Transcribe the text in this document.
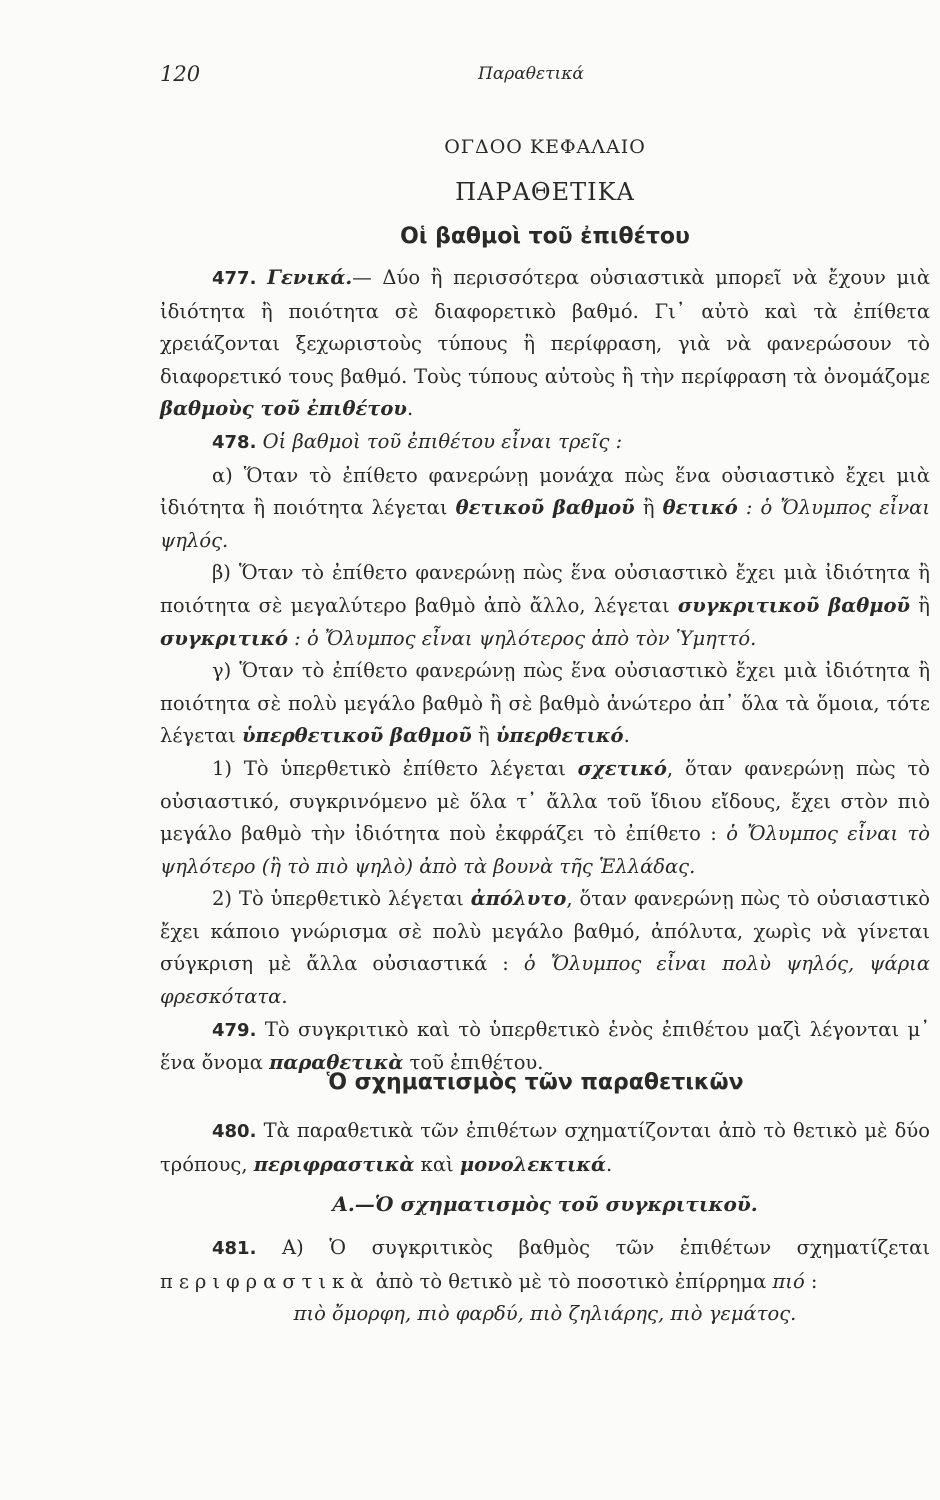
120	Παραθετικά
ΟΓΔΟΟ ΚΕΦΑΛΑΙΟ
ΠΑΡΑΘΕΤΙΚΑ
Οἱ βαθμοὶ τοῦ ἐπιθέτου

477. Γενικά.— Δύο ἢ περισσότερα οὐσιαστικὰ μπορεῖ νὰ ἔχουν μιὰ ἰδιότητα ἢ ποιότητα σὲ διαφορετικὸ βαθμό. Γι᾽ αὐτὸ καὶ τὰ ἐπίθετα χρειάζονται ξεχωριστοὺς τύπους ἢ περίφραση, γιὰ νὰ φανερώσουν τὸ διαφορετικό τους βαθμό. Τοὺς τύπους αὐτοὺς ἢ τὴν περίφραση τὰ ὀνομάζομε βαθμοὺς τοῦ ἐπιθέτου.

478. Οἱ βαθμοὶ τοῦ ἐπιθέτου εἶναι τρεῖς :

α) Ὅταν τὸ ἐπίθετο φανερώνῃ μονάχα πὼς ἕνα οὐσιαστικὸ ἔχει μιὰ ἰδιότητα ἢ ποιότητα λέγεται θετικοῦ βαθμοῦ ἢ θετικό : ὁ Ὄλυμπος εἶναι ψηλός.

β) Ὅταν τὸ ἐπίθετο φανερώνῃ πὼς ἕνα οὐσιαστικὸ ἔχει μιὰ ἰδιότητα ἢ ποιότητα σὲ μεγαλύτερο βαθμὸ ἀπὸ ἄλλο, λέγεται συγκριτικοῦ βαθμοῦ ἢ συγκριτικό : ὁ Ὄλυμπος εἶναι ψηλότερος ἀπὸ τὸν Ὑμηττό.

γ) Ὅταν τὸ ἐπίθετο φανερώνῃ πὼς ἕνα οὐσιαστικὸ ἔχει μιὰ ἰδιότητα ἢ ποιότητα σὲ πολὺ μεγάλο βαθμὸ ἢ σὲ βαθμὸ ἀνώτερο ἀπ᾽ ὅλα τὰ ὅμοια, τότε λέγεται ὑπερθετικοῦ βαθμοῦ ἢ ὑπερθετικό.

1) Τὸ ὑπερθετικὸ ἐπίθετο λέγεται σχετικό, ὅταν φανερώνῃ πὼς τὸ οὐσιαστικό, συγκρινόμενο μὲ ὅλα τ᾽ ἄλλα τοῦ ἴδιου εἴδους, ἔχει στὸν πιὸ μεγάλο βαθμὸ τὴν ἰδιότητα ποὺ ἐκφράζει τὸ ἐπίθετο : ὁ Ὄλυμπος εἶναι τὸ ψηλότερο (ἢ τὸ πιὸ ψηλὸ) ἀπὸ τὰ βουνὰ τῆς Ἑλλάδας.

2) Τὸ ὑπερθετικὸ λέγεται ἀπόλυτο, ὅταν φανερώνῃ πὼς τὸ οὐσιαστικὸ ἔχει κάποιο γνώρισμα σὲ πολὺ μεγάλο βαθμό, ἀπόλυτα, χωρὶς νὰ γίνεται σύγκριση μὲ ἄλλα οὐσιαστικά : ὁ Ὄλυμπος εἶναι πολὺ ψηλός, ψάρια φρεσκότατα.

479. Τὸ συγκριτικὸ καὶ τὸ ὑπερθετικὸ ἑνὸς ἐπιθέτου μαζὶ λέγονται μ᾽ ἕνα ὄνομα παραθετικὰ τοῦ ἐπιθέτου.

Ὁ σχηματισμὸς τῶν παραθετικῶν

480. Τὰ παραθετικὰ τῶν ἐπιθέτων σχηματίζονται ἀπὸ τὸ θετικὸ μὲ δύο τρόπους, περιφραστικὰ καὶ μονολεκτικά.

Α.—Ὁ σχηματισμὸς τοῦ συγκριτικοῦ.

481. Α) Ὁ συγκριτικὸς βαθμὸς τῶν ἐπιθέτων σχηματίζεται περιφραστικὰ ἀπὸ τὸ θετικὸ μὲ τὸ ποσοτικὸ ἐπίρρημα πιό :

πιὸ ὄμορφη, πιὸ φαρδύ, πιὸ ζηλιάρης, πιὸ γεμάτος.
